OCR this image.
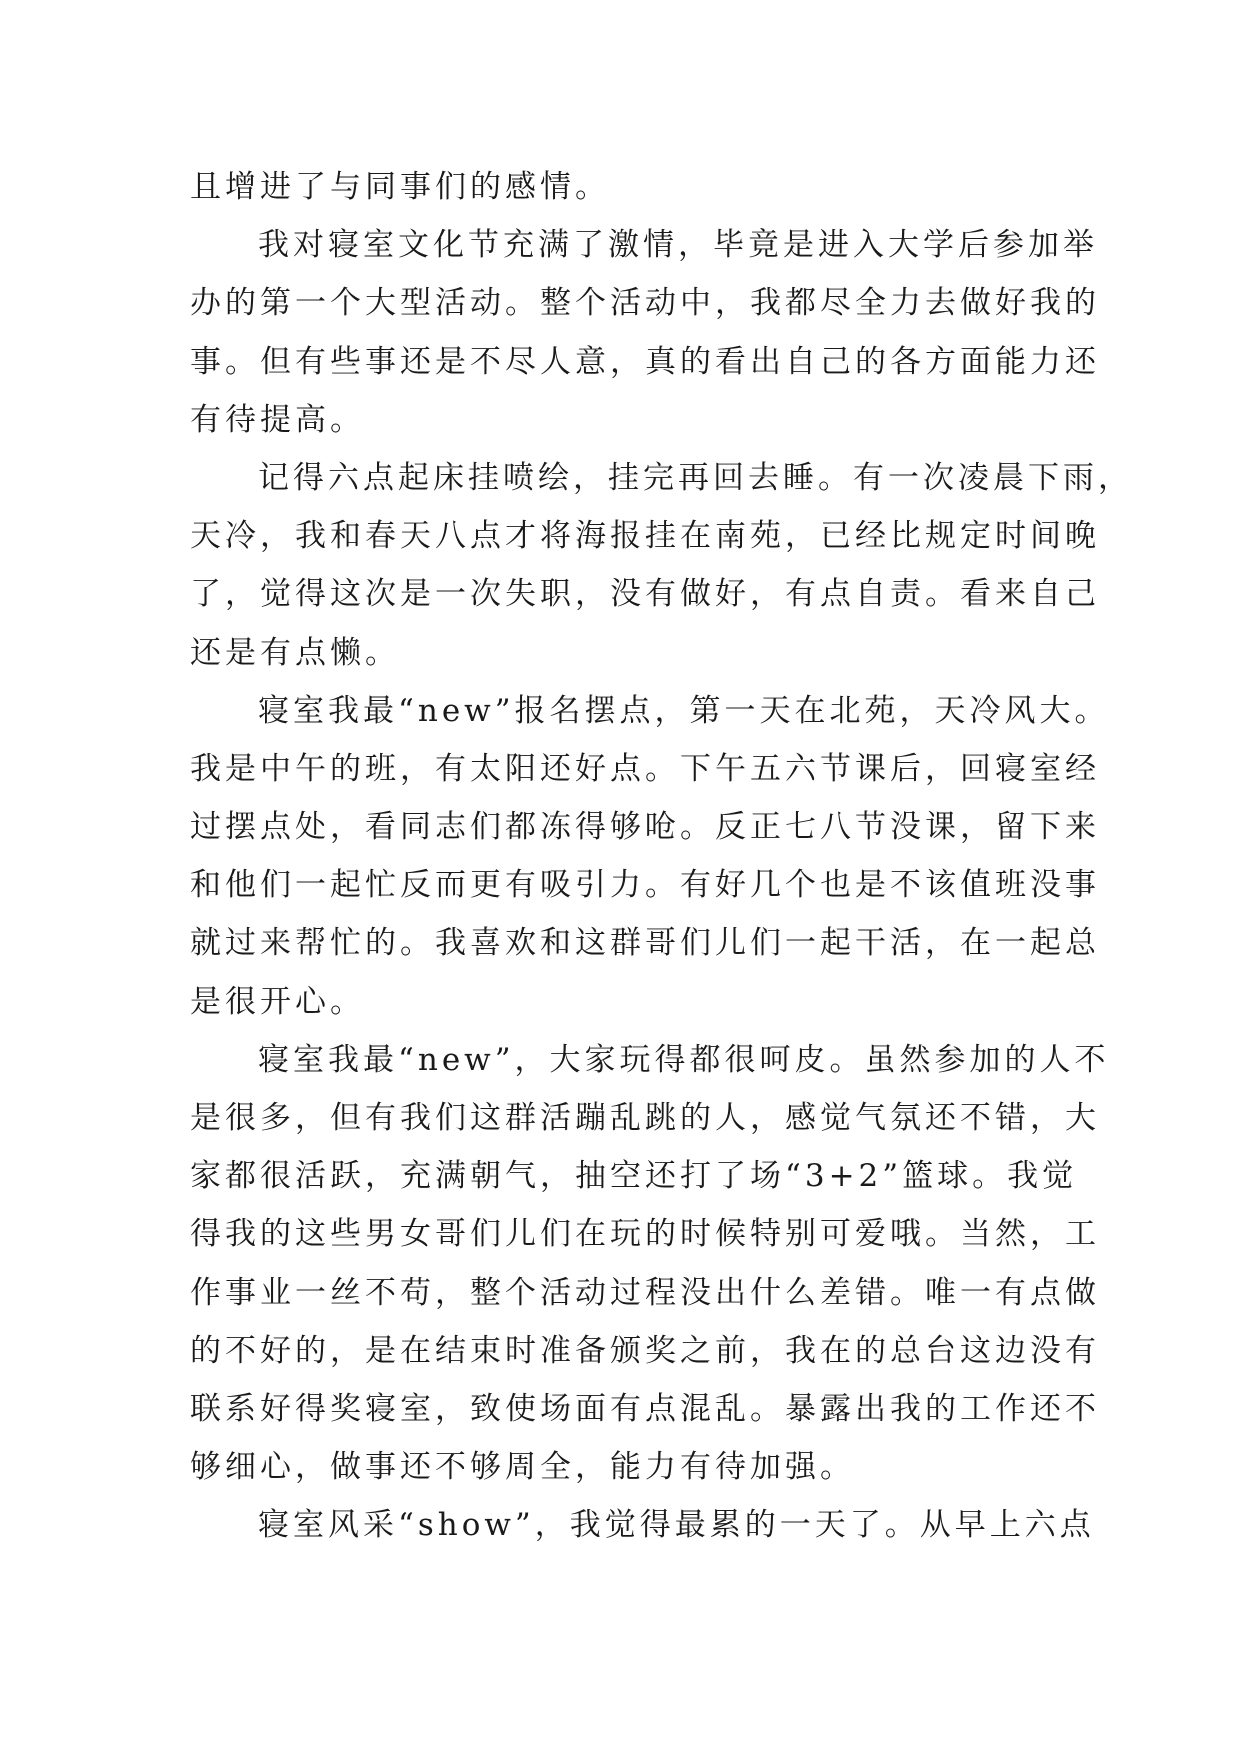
且增进了与同事们的感情。
我对寝室文化节充满了激情，毕竟是进入大学后参加举
办的第一个大型活动。整个活动中，我都尽全力去做好我的
事。但有些事还是不尽人意，真的看出自己的各方面能力还
有待提高。
记得六点起床挂喷绘，挂完再回去睡。有一次凌晨下雨，
天冷，我和春天八点才将海报挂在南苑，已经比规定时间晚
了，觉得这次是一次失职，没有做好，有点自责。看来自己
还是有点懒。
寝室我最“new”报名摆点，第一天在北苑，天冷风大。
我是中午的班，有太阳还好点。下午五六节课后，回寝室经
过摆点处，看同志们都冻得够呛。反正七八节没课，留下来
和他们一起忙反而更有吸引力。有好几个也是不该值班没事
就过来帮忙的。我喜欢和这群哥们儿们一起干活，在一起总
是很开心。
寝室我最“new”，大家玩得都很呵皮。虽然参加的人不
是很多，但有我们这群活蹦乱跳的人，感觉气氛还不错，大
家都很活跃，充满朝气，抽空还打了场“3+2”篮球。我觉
得我的这些男女哥们儿们在玩的时候特别可爱哦。当然，工
作事业一丝不苟，整个活动过程没出什么差错。唯一有点做
的不好的，是在结束时准备颁奖之前，我在的总台这边没有
联系好得奖寝室，致使场面有点混乱。暴露出我的工作还不
够细心，做事还不够周全，能力有待加强。
寝室风采“show”，我觉得最累的一天了。从早上六点
